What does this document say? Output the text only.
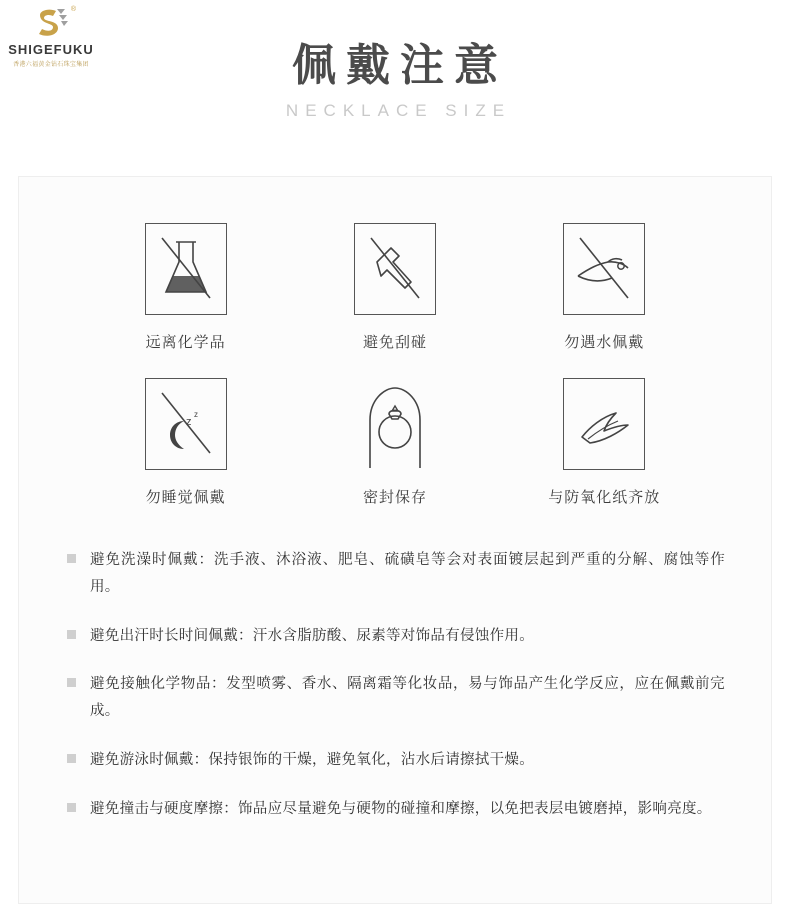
®
SHIGEFUKU
香港六福黄金钻石珠宝集团	佩戴注意
NECKLACE SIZE
远离化学品	避免刮碰	勿遇水佩戴
z
z
勿睡觉佩戴	密封保存	与防氧化纸齐放
避免洗澡时佩戴：洗手液、沐浴液、肥皂、硫磺皂等会对表面镀层起到严重的分解、腐蚀等作用。
避免出汗时长时间佩戴：汗水含脂肪酸、尿素等对饰品有侵蚀作用。
避免接触化学物品：发型喷雾、香水、隔离霜等化妆品，易与饰品产生化学反应，应在佩戴前完成。
避免游泳时佩戴：保持银饰的干燥，避免氧化，沾水后请擦拭干燥。
避免撞击与硬度摩擦：饰品应尽量避免与硬物的碰撞和摩擦，以免把表层电镀磨掉，影响亮度。
